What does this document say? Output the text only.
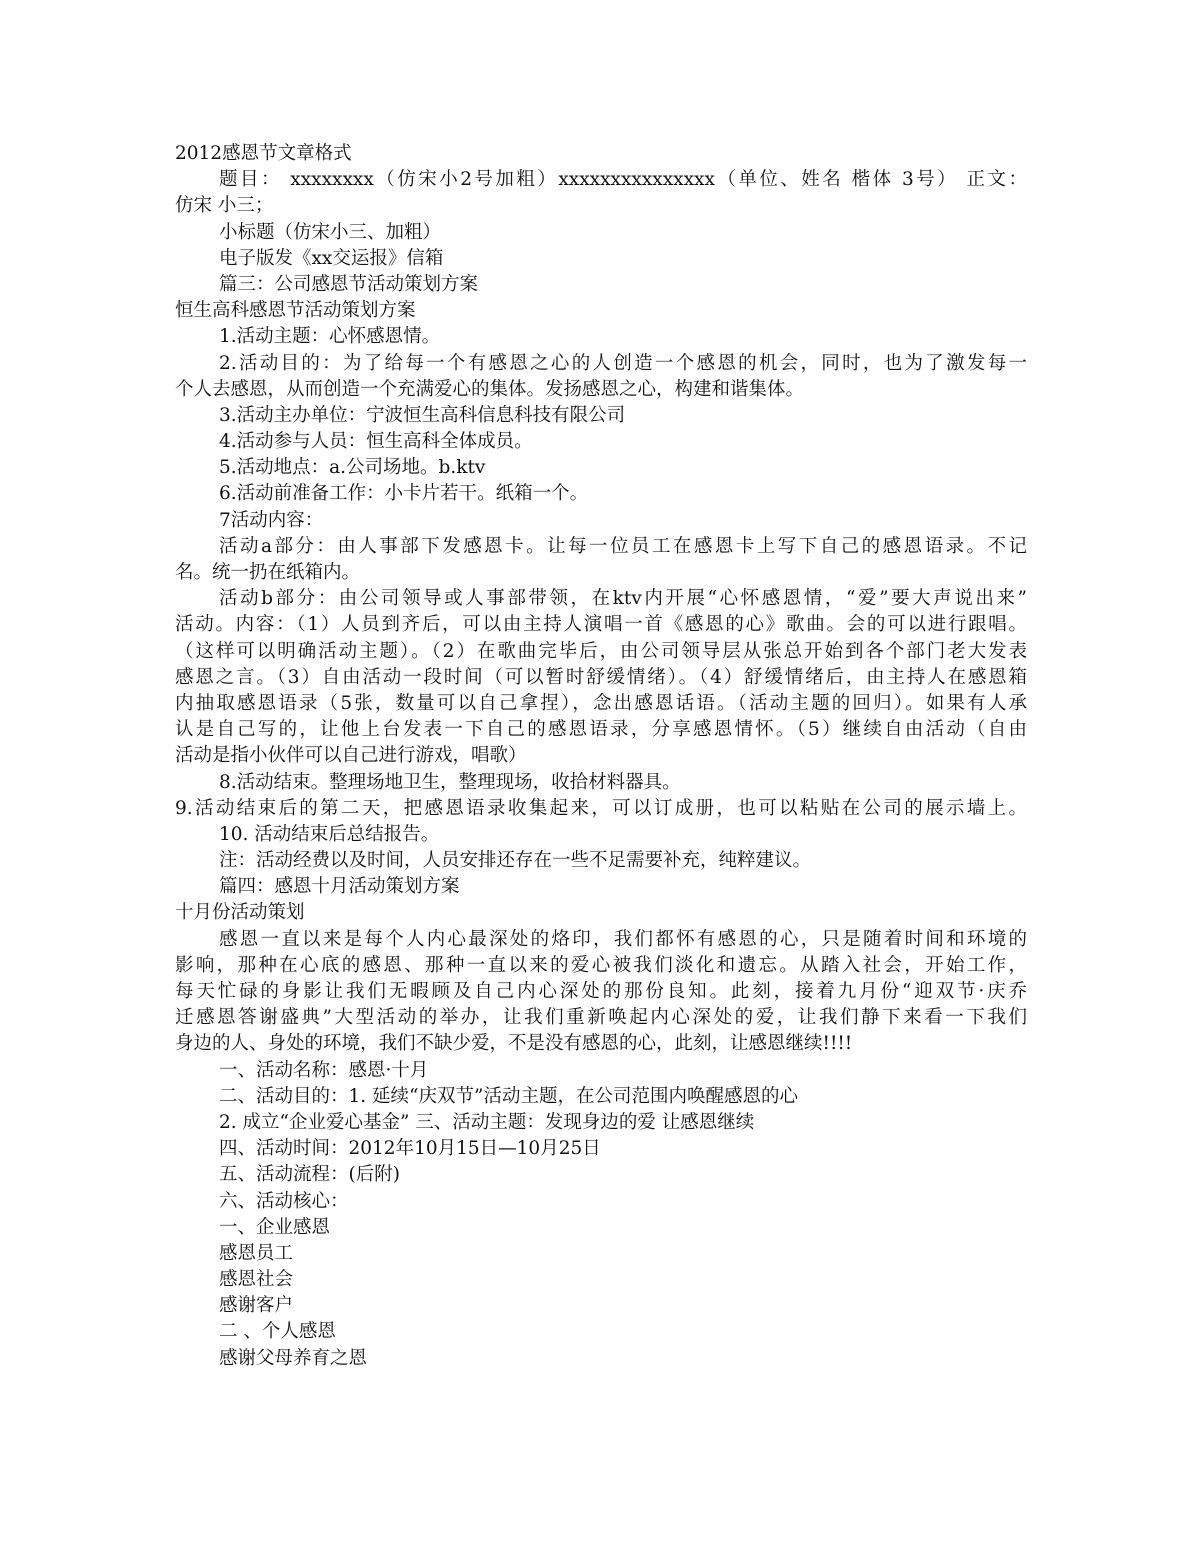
2012感恩节文章格式
题目： xxxxxxxx（仿宋小2号加粗）xxxxxxxxxxxxxxx（单位、姓名 楷体 3号） 正文：
仿宋 小三；
小标题（仿宋小三、加粗）
电子版发《xx交运报》信箱
篇三：公司感恩节活动策划方案
恒生高科感恩节活动策划方案
1.活动主题：心怀感恩情。
2.活动目的：为了给每一个有感恩之心的人创造一个感恩的机会，同时，也为了激发每一
个人去感恩，从而创造一个充满爱心的集体。发扬感恩之心，构建和谐集体。
3.活动主办单位：宁波恒生高科信息科技有限公司
4.活动参与人员：恒生高科全体成员。
5.活动地点：a.公司场地。b.ktv
6.活动前准备工作：小卡片若干。纸箱一个。
7活动内容：
活动a部分：由人事部下发感恩卡。让每一位员工在感恩卡上写下自己的感恩语录。不记
名。统一扔在纸箱内。
活动b部分：由公司领导或人事部带领，在ktv内开展“心怀感恩情，“爱”要大声说出来”
活动。内容：（1）人员到齐后，可以由主持人演唱一首《感恩的心》歌曲。会的可以进行跟唱。
（这样可以明确活动主题）。（2）在歌曲完毕后，由公司领导层从张总开始到各个部门老大发表
感恩之言。（3）自由活动一段时间（可以暂时舒缓情绪）。（4）舒缓情绪后，由主持人在感恩箱
内抽取感恩语录（5张，数量可以自己拿捏），念出感恩话语。（活动主题的回归）。如果有人承
认是自己写的，让他上台发表一下自己的感恩语录，分享感恩情怀。（5）继续自由活动（自由
活动是指小伙伴可以自己进行游戏，唱歌）
8.活动结束。整理场地卫生，整理现场，收拾材料器具。
9.活动结束后的第二天，把感恩语录收集起来，可以订成册，也可以粘贴在公司的展示墙上。
10. 活动结束后总结报告。
注：活动经费以及时间，人员安排还存在一些不足需要补充，纯粹建议。
篇四：感恩十月活动策划方案
十月份活动策划
感恩一直以来是每个人内心最深处的烙印，我们都怀有感恩的心，只是随着时间和环境的
影响，那种在心底的感恩、那种一直以来的爱心被我们淡化和遗忘。从踏入社会，开始工作，
每天忙碌的身影让我们无暇顾及自己内心深处的那份良知。此刻，接着九月份“迎双节·庆乔
迁感恩答谢盛典”大型活动的举办，让我们重新唤起内心深处的爱，让我们静下来看一下我们
身边的人、身处的环境，我们不缺少爱，不是没有感恩的心，此刻，让感恩继续!!!!
一、活动名称：感恩·十月
二、活动目的：1. 延续“庆双节”活动主题，在公司范围内唤醒感恩的心
2. 成立“企业爱心基金” 三、活动主题：发现身边的爱 让感恩继续
四、活动时间：2012年10月15日—10月25日
五、活动流程：(后附)
六、活动核心：
一、企业感恩
感恩员工
感恩社会
感谢客户
二 、个人感恩
感谢父母养育之恩
